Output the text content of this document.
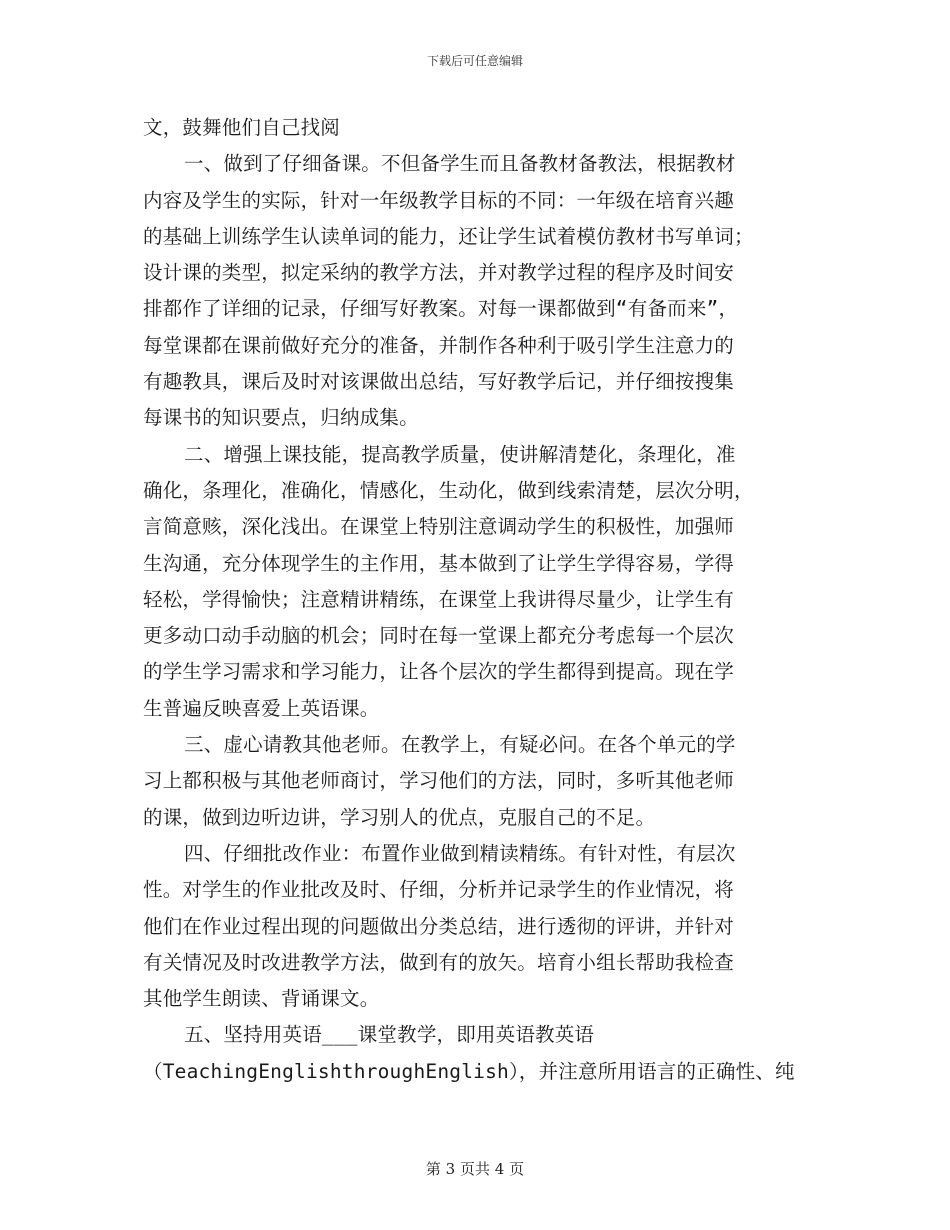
下载后可任意编辑
文，鼓舞他们自己找阅
一、做到了仔细备课。不但备学生而且备教材备教法，根据教材
内容及学生的实际，针对一年级教学目标的不同：一年级在培育兴趣
的基础上训练学生认读单词的能力，还让学生试着模仿教材书写单词；
设计课的类型，拟定采纳的教学方法，并对教学过程的程序及时间安
排都作了详细的记录，仔细写好教案。对每一课都做到“有备而来”，
每堂课都在课前做好充分的准备，并制作各种利于吸引学生注意力的
有趣教具，课后及时对该课做出总结，写好教学后记，并仔细按搜集
每课书的知识要点，归纳成集。
二、增强上课技能，提高教学质量，使讲解清楚化，条理化，准
确化，条理化，准确化，情感化，生动化，做到线索清楚，层次分明，
言简意赅，深化浅出。在课堂上特别注意调动学生的积极性，加强师
生沟通，充分体现学生的主作用，基本做到了让学生学得容易，学得
轻松，学得愉快；注意精讲精练，在课堂上我讲得尽量少，让学生有
更多动口动手动脑的机会；同时在每一堂课上都充分考虑每一个层次
的学生学习需求和学习能力，让各个层次的学生都得到提高。现在学
生普遍反映喜爱上英语课。
三、虚心请教其他老师。在教学上，有疑必问。在各个单元的学
习上都积极与其他老师商讨，学习他们的方法，同时，多听其他老师
的课，做到边听边讲，学习别人的优点，克服自己的不足。
四、仔细批改作业：布置作业做到精读精练。有针对性，有层次
性。对学生的作业批改及时、仔细，分析并记录学生的作业情况，将
他们在作业过程出现的问题做出分类总结，进行透彻的评讲，并针对
有关情况及时改进教学方法，做到有的放矢。培育小组长帮助我检查
其他学生朗读、背诵课文。
五、坚持用英语___课堂教学，即用英语教英语
（TeachingEnglishthroughEnglish），并注意所用语言的正确性、纯
第 3 页共 4 页
